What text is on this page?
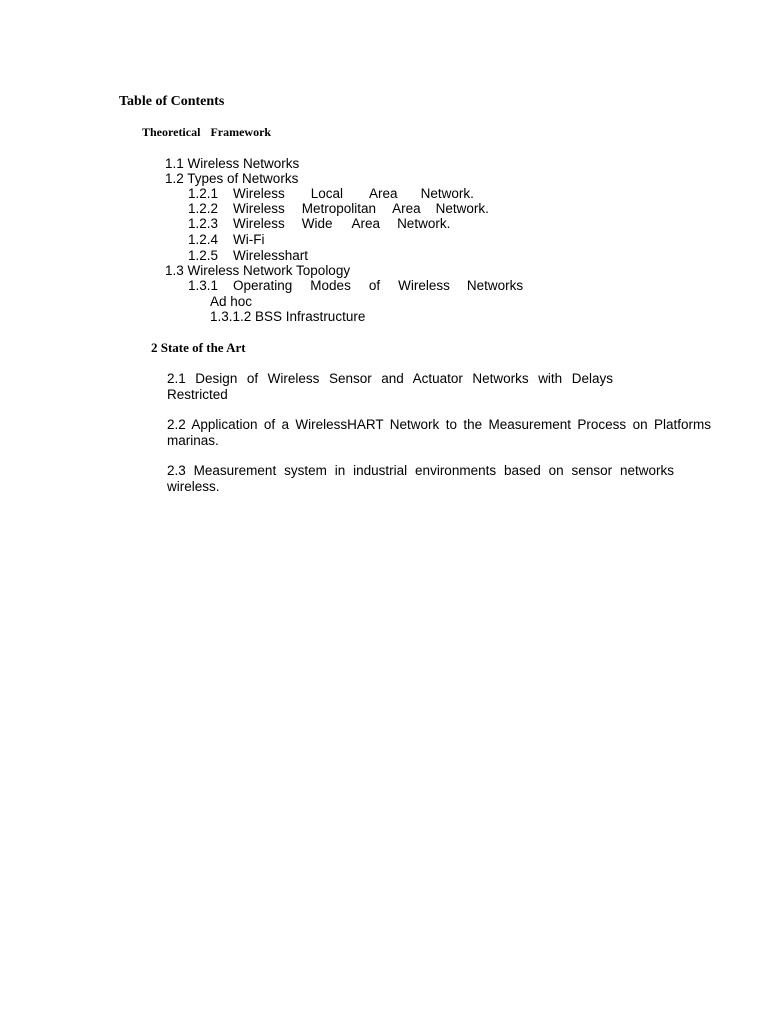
Table of Contents
Theoretical Framework
1.1 Wireless Networks
1.2 Types of Networks
1.2.1	Wireless Local Area Network.
1.2.2	Wireless Metropolitan Area Network.
1.2.3	Wireless Wide Area Network.
1.2.4	Wi-Fi
1.2.5	Wirelesshart
1.3 Wireless Network Topology
1.3.1	Operating Modes of Wireless Networks
Ad hoc
1.3.1.2 BSS Infrastructure
2 State of the Art
2.1 Design of Wireless Sensor and Actuator Networks with Delays
Restricted
2.2 Application of a WirelessHART Network to the Measurement Process on Platforms
marinas.
2.3 Measurement system in industrial environments based on sensor networks
wireless.
